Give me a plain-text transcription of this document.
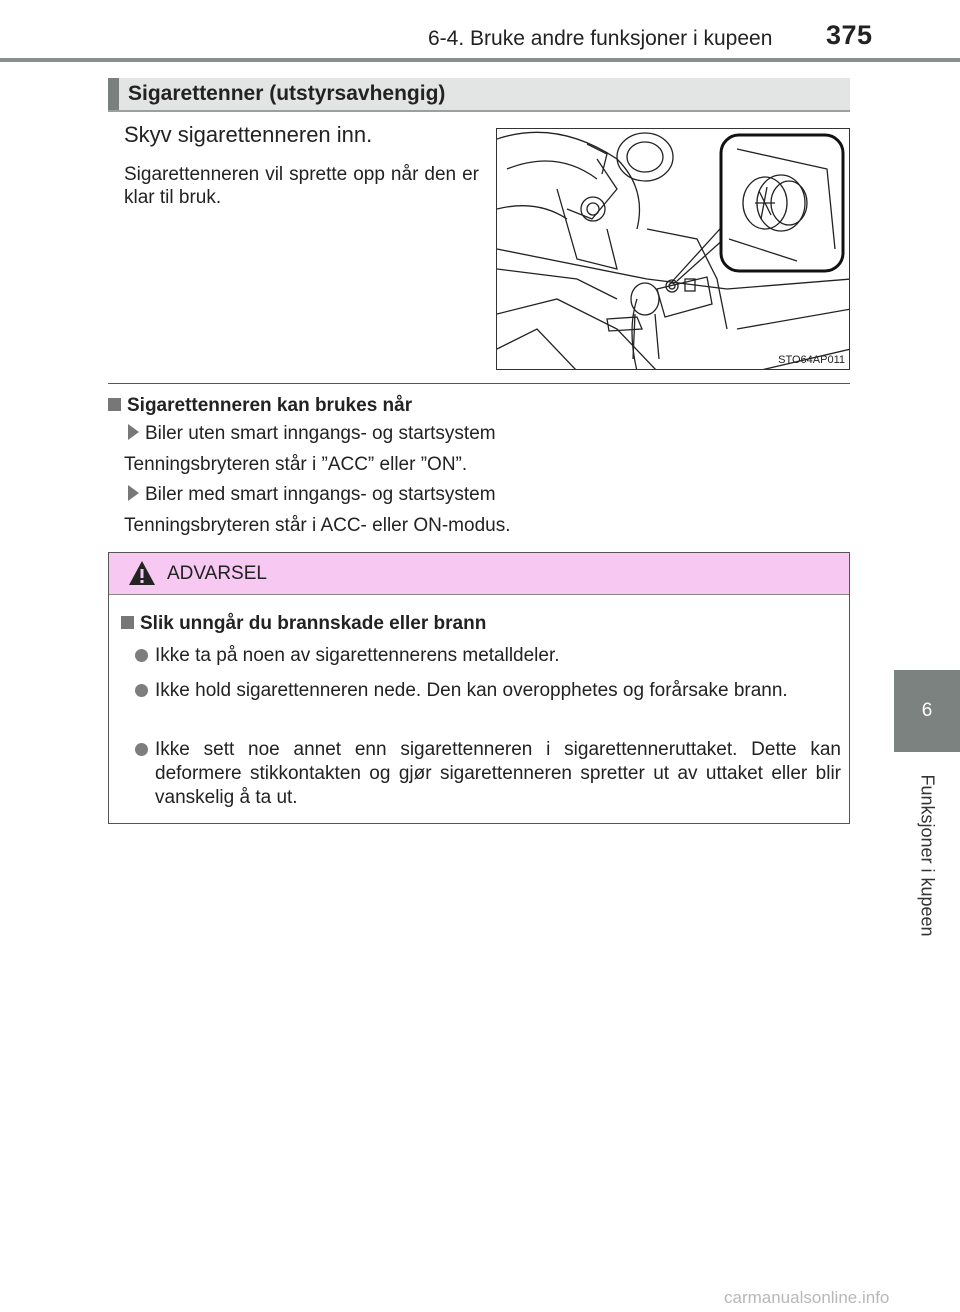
6-4. Bruke andre funksjoner i kupeen 375
6
Funksjoner i kupeen
Sigarettenner (utstyrsavhengig)
Skyv sigarettenneren inn.
Sigarettenneren vil sprette opp når den er klar til bruk.
STO64AP011
Sigarettenneren kan brukes når
Biler uten smart inngangs- og startsystem
Tenningsbryteren står i ”ACC” eller ”ON”.
Biler med smart inngangs- og startsystem
Tenningsbryteren står i ACC- eller ON-modus.
ADVARSEL
Slik unngår du brannskade eller brann
Ikke ta på noen av sigarettennerens metalldeler.
Ikke hold sigarettenneren nede. Den kan overopphetes og forårsake brann.
Ikke sett noe annet enn sigarettenneren i sigarettenneruttaket. Dette kan deformere stikkontakten og gjør sigarettenneren spretter ut av uttaket eller blir vanskelig å ta ut.
carmanualsonline.info
